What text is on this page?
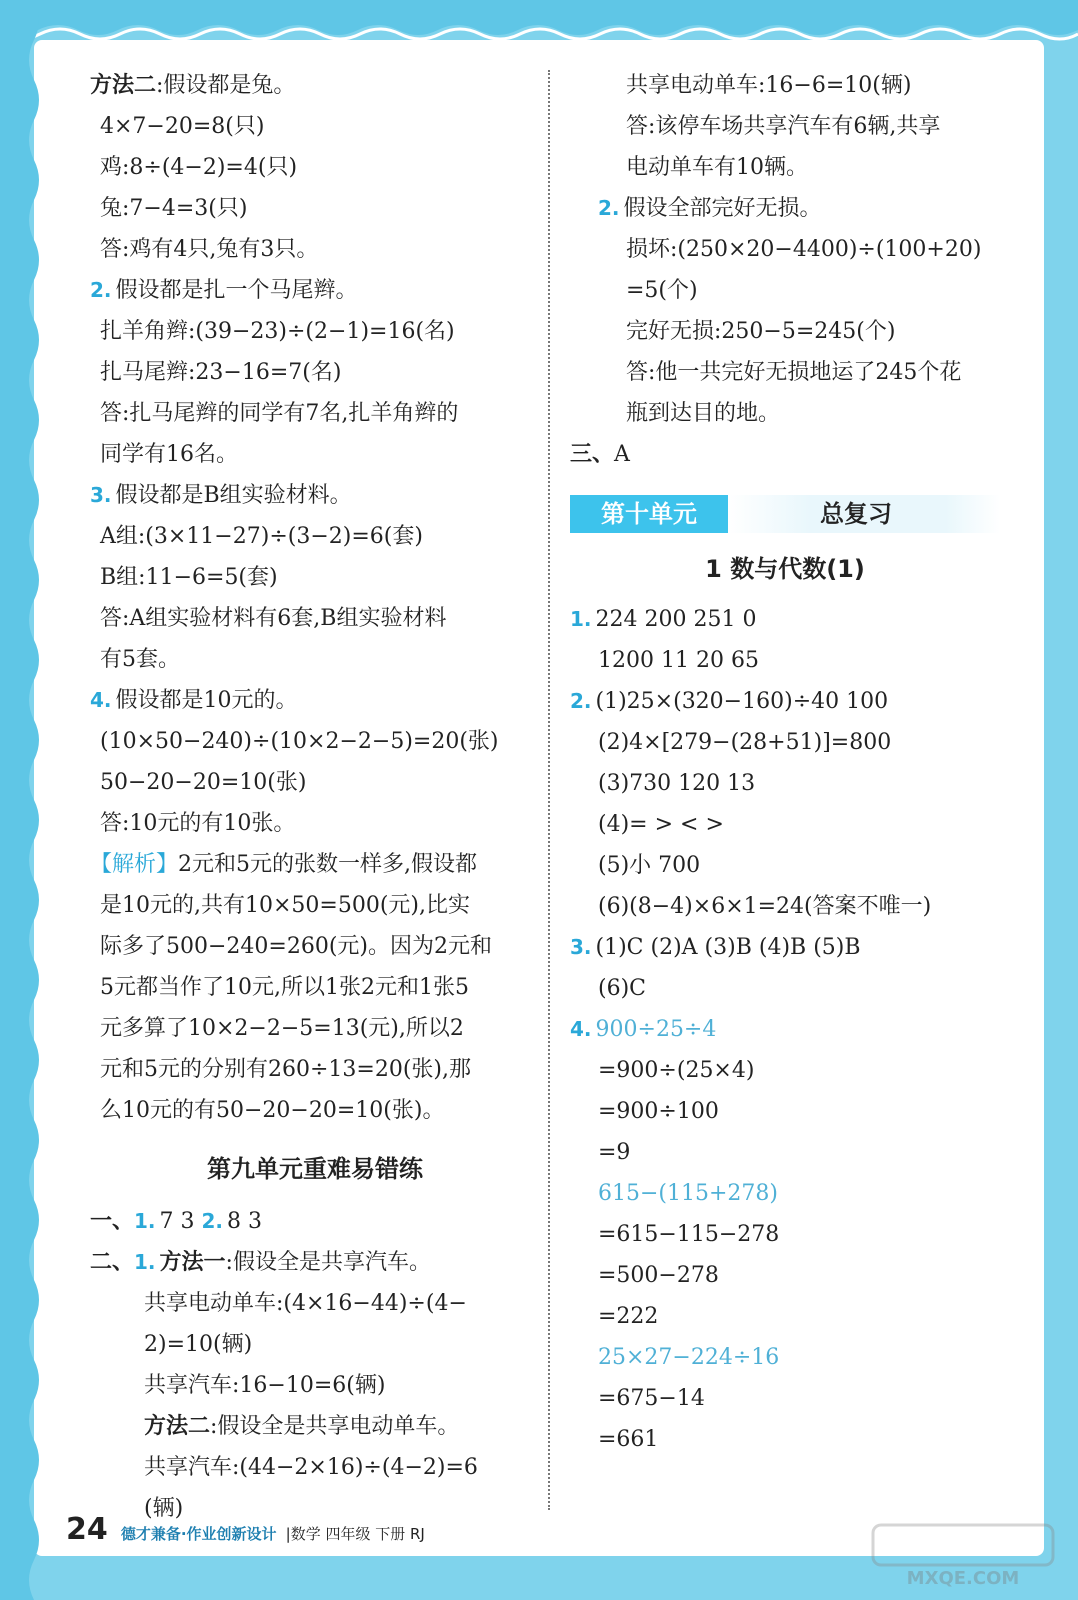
方法二:假设都是兔。
4×7−20=8(只)
鸡:8÷(4−2)=4(只)
兔:7−4=3(只)
答:鸡有4只,兔有3只。
2. 假设都是扎一个马尾辫。
扎羊角辫:(39−23)÷(2−1)=16(名)
扎马尾辫:23−16=7(名)
答:扎马尾辫的同学有7名,扎羊角辫的
同学有16名。
3. 假设都是B组实验材料。
A组:(3×11−27)÷(3−2)=6(套)
B组:11−6=5(套)
答:A组实验材料有6套,B组实验材料
有5套。
4. 假设都是10元的。
(10×50−240)÷(10×2−2−5)=20(张)
50−20−20=10(张)
答:10元的有10张。
【解析】2元和5元的张数一样多,假设都
是10元的,共有10×50=500(元),比实
际多了500−240=260(元)。因为2元和
5元都当作了10元,所以1张2元和1张5
元多算了10×2−2−5=13(元),所以2
元和5元的分别有260÷13=20(张),那
么10元的有50−20−20=10(张)。
第九单元重难易错练
一、1. 7 3 2. 8 3
二、1. 方法一:假设全是共享汽车。
共享电动单车:(4×16−44)÷(4−
2)=10(辆)
共享汽车:16−10=6(辆)
方法二:假设全是共享电动单车。
共享汽车:(44−2×16)÷(4−2)=6
(辆)
共享电动单车:16−6=10(辆)
答:该停车场共享汽车有6辆,共享
电动单车有10辆。
2. 假设全部完好无损。
损坏:(250×20−4400)÷(100+20)
=5(个)
完好无损:250−5=245(个)
答:他一共完好无损地运了245个花
瓶到达目的地。
三、A
第十单元	总复习
1 数与代数(1)
1. 224 200 251 0
1200 11 20 65
2. (1)25×(320−160)÷40 100
(2)4×[279−(28+51)]=800
(3)730 120 13
(4)= > < >
(5)小 700
(6)(8−4)×6×1=24(答案不唯一)
3. (1)C (2)A (3)B (4)B (5)B
(6)C
4. 900÷25÷4
=900÷(25×4)
=900÷100
=9
615−(115+278)
=615−115−278
=500−278
=222
25×27−224÷16
=675−14
=661
24 德才兼备·作业创新设计 |数学 四年级 下册 RJ
MXQE.COM
